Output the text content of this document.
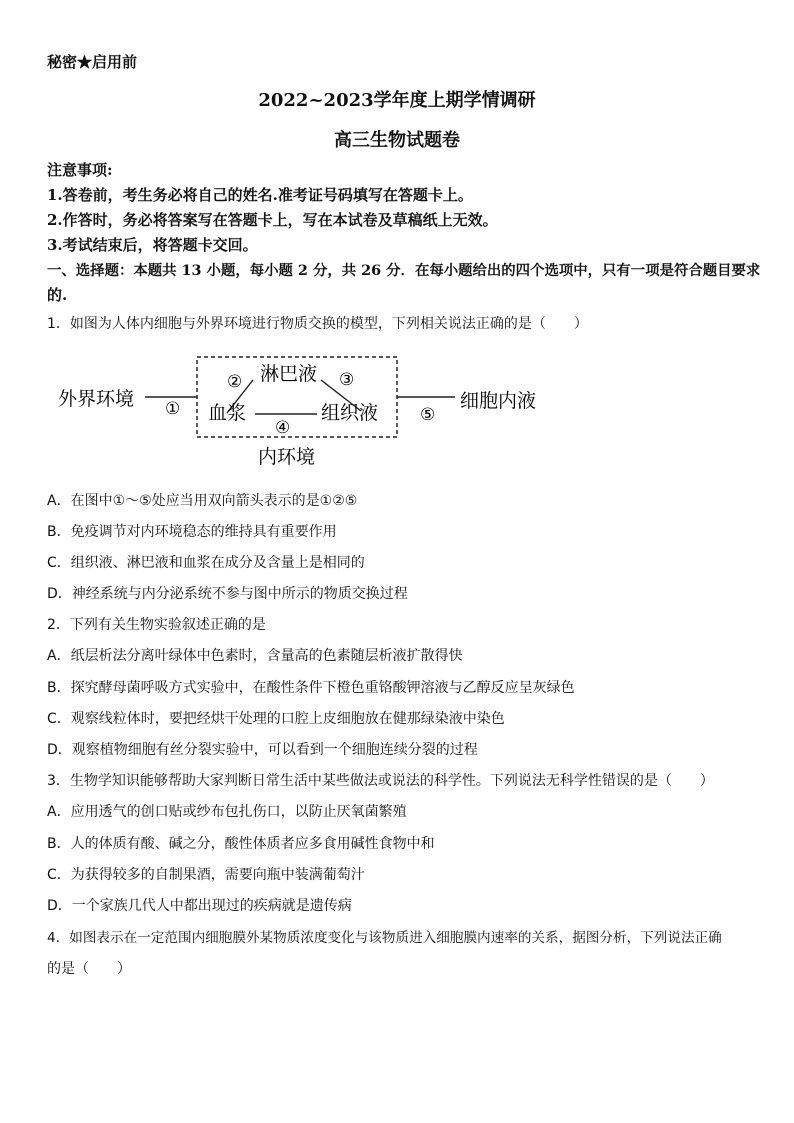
秘密★启用前
2022~2023学年度上期学情调研
高三生物试题卷
注意事项:
1.答卷前，考生务必将自己的姓名.准考证号码填写在答题卡上。
2.作答时，务必将答案写在答题卡上，写在本试卷及草稿纸上无效。
3.考试结束后，将答题卡交回。
一、选择题：本题共 13 小题，每小题 2 分，共 26 分．在每小题给出的四个选项中，只有一项是符合题目要求
的.
1．如图为人体内细胞与外界环境进行物质交换的模型，下列相关说法正确的是（　　）
外界环境
淋巴液
血浆	组织液
细胞内液
内环境
①
②	③
④
⑤
A．在图中①～⑤处应当用双向箭头表示的是①②⑤
B．免疫调节对内环境稳态的维持具有重要作用
C．组织液、淋巴液和血浆在成分及含量上是相同的
D．神经系统与内分泌系统不参与图中所示的物质交换过程
2．下列有关生物实验叙述正确的是
A．纸层析法分离叶绿体中色素时，含量高的色素随层析液扩散得快
B．探究酵母菌呼吸方式实验中，在酸性条件下橙色重铬酸钾溶液与乙醇反应呈灰绿色
C．观察线粒体时，要把经烘干处理的口腔上皮细胞放在健那绿染液中染色
D．观察植物细胞有丝分裂实验中，可以看到一个细胞连续分裂的过程
3．生物学知识能够帮助大家判断日常生活中某些做法或说法的科学性。下列说法无科学性错误的是（　　）
A．应用透气的创口贴或纱布包扎伤口，以防止厌氧菌繁殖
B．人的体质有酸、碱之分，酸性体质者应多食用碱性食物中和
C．为获得较多的自制果酒，需要向瓶中装满葡萄汁
D．一个家族几代人中都出现过的疾病就是遗传病
4．如图表示在一定范围内细胞膜外某物质浓度变化与该物质进入细胞膜内速率的关系，据图分析，下列说法正确
的是（　　）
